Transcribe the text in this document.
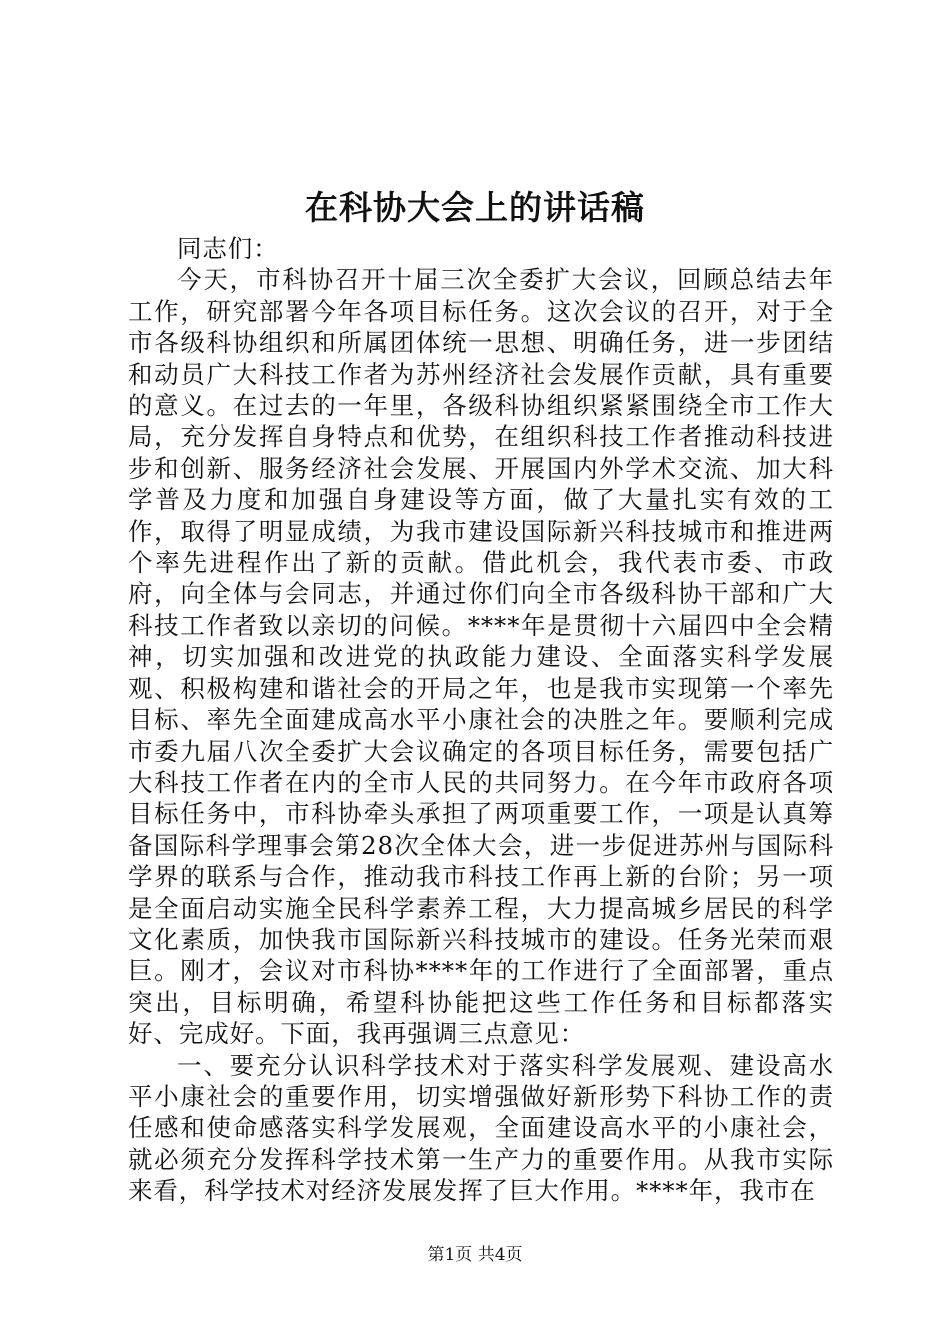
在科协大会上的讲话稿

同志们：

今天，市科协召开十届三次全委扩大会议，回顾总结去年工作，研究部署今年各项目标任务。这次会议的召开，对于全市各级科协组织和所属团体统一思想、明确任务，进一步团结和动员广大科技工作者为苏州经济社会发展作贡献，具有重要的意义。在过去的一年里，各级科协组织紧紧围绕全市工作大局，充分发挥自身特点和优势，在组织科技工作者推动科技进步和创新、服务经济社会发展、开展国内外学术交流、加大科学普及力度和加强自身建设等方面，做了大量扎实有效的工作，取得了明显成绩，为我市建设国际新兴科技城市和推进两个率先进程作出了新的贡献。借此机会，我代表市委、市政府，向全体与会同志，并通过你们向全市各级科协干部和广大科技工作者致以亲切的问候。****年是贯彻十六届四中全会精神，切实加强和改进党的执政能力建设、全面落实科学发展观、积极构建和谐社会的开局之年，也是我市实现第一个率先目标、率先全面建成高水平小康社会的决胜之年。要顺利完成市委九届八次全委扩大会议确定的各项目标任务，需要包括广大科技工作者在内的全市人民的共同努力。在今年市政府各项目标任务中，市科协牵头承担了两项重要工作，一项是认真筹备国际科学理事会第28次全体大会，进一步促进苏州与国际科学界的联系与合作，推动我市科技工作再上新的台阶；另一项是全面启动实施全民科学素养工程，大力提高城乡居民的科学文化素质，加快我市国际新兴科技城市的建设。任务光荣而艰巨。刚才，会议对市科协****年的工作进行了全面部署，重点突出，目标明确，希望科协能把这些工作任务和目标都落实好、完成好。下面，我再强调三点意见：

一、要充分认识科学技术对于落实科学发展观、建设高水平小康社会的重要作用，切实增强做好新形势下科协工作的责任感和使命感落实科学发展观，全面建设高水平的小康社会，就必须充分发挥科学技术第一生产力的重要作用。从我市实际来看，科学技术对经济发展发挥了巨大作用。****年，我市在

第1页 共4页
